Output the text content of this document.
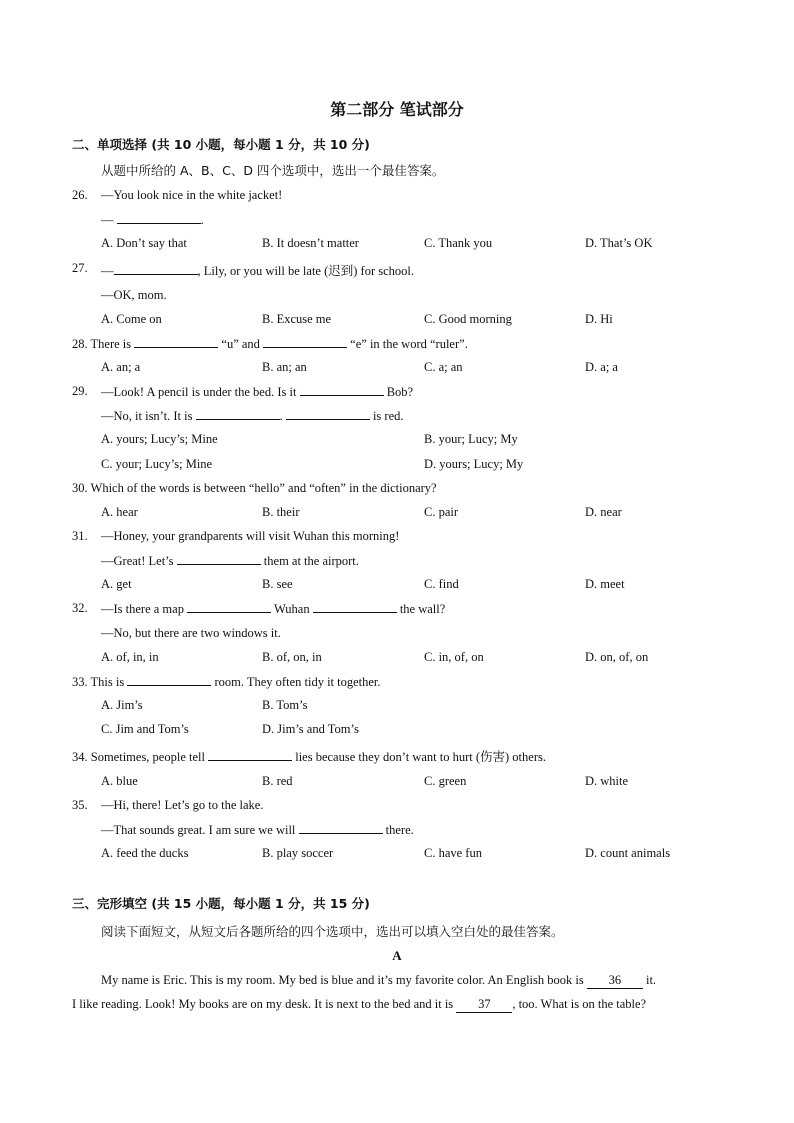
第二部分 笔试部分
二、单项选择 (共 10 小题，每小题 1 分，共 10 分)
从题中所给的 A、B、C、D 四个选项中，选出一个最佳答案。
26. —You look nice in the white jacket!
—	.
A. Don’t say that	B. It doesn’t matter	C. Thank you	D. That’s OK
27. —	, Lily, or you will be late (迟到) for school.
—OK, mom.
A. Come on	B. Excuse me	C. Good morning	D. Hi
28. There is	“u” and	“e” in the word “ruler”.
A. an; a	B. an; an	C. a; an	D. a; a
29. —Look! A pencil is under the bed. Is it	Bob?
—No, it isn’t. It is	.	is red.
A. yours; Lucy’s; Mine	B. your; Lucy; My
C. your; Lucy’s; Mine	D. yours; Lucy; My
30. Which of the words is between “hello” and “often” in the dictionary?
A. hear	B. their	C. pair	D. near
31. —Honey, your grandparents will visit Wuhan this morning!
—Great! Let’s	them at the airport.
A. get	B. see	C. find	D. meet
32. —Is there a map	Wuhan	the wall?
—No, but there are two windows it.
A. of, in, in	B. of, on, in	C. in, of, on	D. on, of, on
33. This is	room. They often tidy it together.
A. Jim’s	B. Tom’s
C. Jim and Tom’s	D. Jim’s and Tom’s
34. Sometimes, people tell	lies because they don’t want to hurt (伤害) others.
A. blue	B. red	C. green	D. white
35. —Hi, there! Let’s go to the lake.
—That sounds great. I am sure we will	there.
A. feed the ducks	B. play soccer	C. have fun	D. count animals
三、完形填空 (共 15 小题，每小题 1 分，共 15 分)
阅读下面短文，从短文后各题所给的四个选项中，选出可以填入空白处的最佳答案。
A
My name is Eric. This is my room. My bed is blue and it’s my favorite color. An English book is 36 it.
I like reading. Look! My books are on my desk. It is next to the bed and it is 37 , too. What is on the table?
